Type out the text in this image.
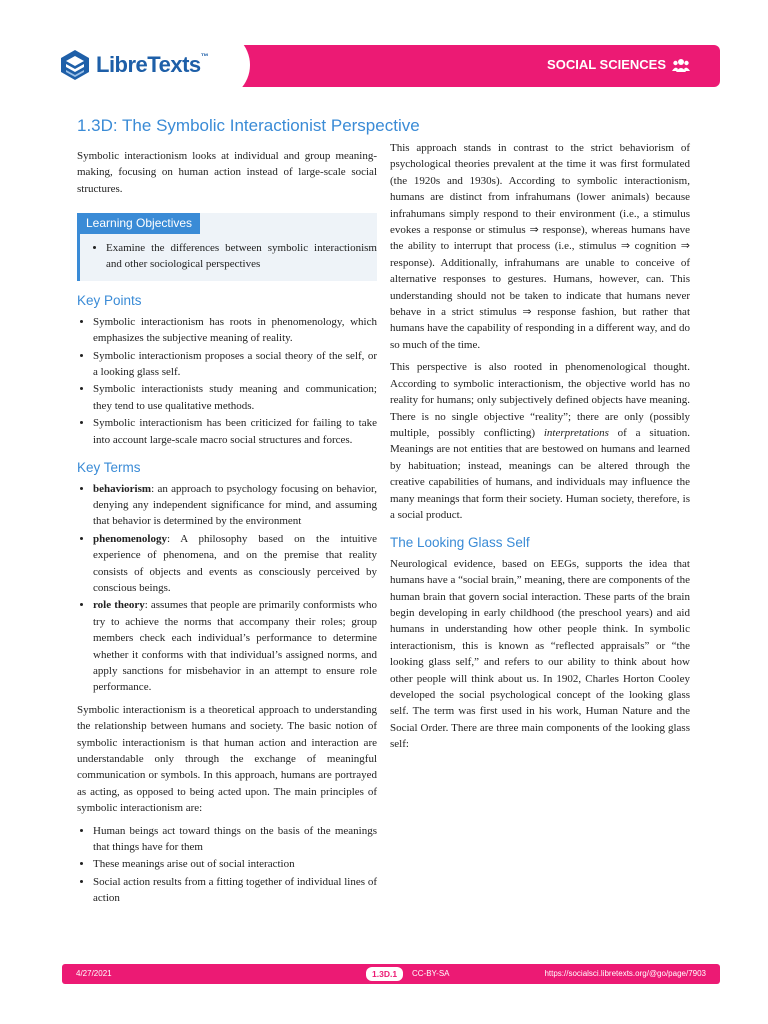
LibreTexts™
SOCIAL SCIENCES
1.3D: The Symbolic Interactionist Perspective

Symbolic interactionism looks at individual and group meaning-making, focusing on human action instead of large-scale social structures.

Learning Objectives
• Examine the differences between symbolic interactionism and other sociological perspectives
Key Points
• Symbolic interactionism has roots in phenomenology, which emphasizes the subjective meaning of reality.
• Symbolic interactionism proposes a social theory of the self, or a looking glass self.
• Symbolic interactionists study meaning and communication; they tend to use qualitative methods.
• Symbolic interactionism has been criticized for failing to take into account large-scale macro social structures and forces.
Key Terms
• behaviorism: an approach to psychology focusing on behavior, denying any independent significance for mind, and assuming that behavior is determined by the environment
• phenomenology: A philosophy based on the intuitive experience of phenomena, and on the premise that reality consists of objects and events as consciously perceived by conscious beings.
• role theory: assumes that people are primarily conformists who try to achieve the norms that accompany their roles; group members check each individual’s performance to determine whether it conforms with that individual’s assigned norms, and apply sanctions for misbehavior in an attempt to ensure role performance.

Symbolic interactionism is a theoretical approach to understanding the relationship between humans and society. The basic notion of symbolic interactionism is that human action and interaction are understandable only through the exchange of meaningful communication or symbols. In this approach, humans are portrayed as acting, as opposed to being acted upon. The main principles of symbolic interactionism are:

• Human beings act toward things on the basis of the meanings that things have for them
• These meanings arise out of social interaction
• Social action results from a fitting together of individual lines of action

This approach stands in contrast to the strict behaviorism of psychological theories prevalent at the time it was first formulated (the 1920s and 1930s). According to symbolic interactionism, humans are distinct from infrahumans (lower animals) because infrahumans simply respond to their environment (i.e., a stimulus evokes a response or stimulus ⇒ response), whereas humans have the ability to interrupt that process (i.e., stimulus ⇒ cognition ⇒ response). Additionally, infrahumans are unable to conceive of alternative responses to gestures. Humans, however, can. This understanding should not be taken to indicate that humans never behave in a strict stimulus ⇒ response fashion, but rather that humans have the capability of responding in a different way, and do so much of the time.

This perspective is also rooted in phenomenological thought. According to symbolic interactionism, the objective world has no reality for humans; only subjectively defined objects have meaning. There is no single objective “reality”; there are only (possibly multiple, possibly conflicting) interpretations of a situation. Meanings are not entities that are bestowed on humans and learned by habituation; instead, meanings can be altered through the creative capabilities of humans, and individuals may influence the many meanings that form their society. Human society, therefore, is a social product.

The Looking Glass Self

Neurological evidence, based on EEGs, supports the idea that humans have a “social brain,” meaning, there are components of the human brain that govern social interaction. These parts of the brain begin developing in early childhood (the preschool years) and aid humans in understanding how other people think. In symbolic interactionism, this is known as “reflected appraisals” or “the looking glass self,” and refers to our ability to think about how other people will think about us. In 1902, Charles Horton Cooley developed the social psychological concept of the looking glass self. The term was first used in his work, Human Nature and the Social Order. There are three main components of the looking glass self:

4/27/2021	1.3D.1	CC-BY-SA	https://socialsci.libretexts.org/@go/page/7903
